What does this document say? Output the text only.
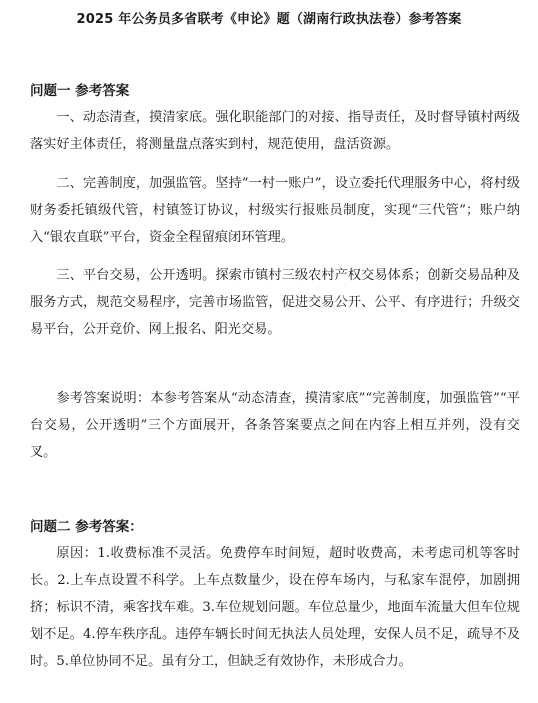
2025 年公务员多省联考《申论》题（湖南行政执法卷）参考答案
问题一 参考答案

一、动态清查，摸清家底。强化职能部门的对接、指导责任，及时督导镇村两级落实好主体责任，将测量盘点落实到村，规范使用，盘活资源。

二、完善制度，加强监管。坚持“一村一账户”，设立委托代理服务中心，将村级财务委托镇级代管，村镇签订协议，村级实行报账员制度，实现“三代管”；账户纳入“银农直联”平台，资金全程留痕闭环管理。

三、平台交易，公开透明。探索市镇村三级农村产权交易体系；创新交易品种及服务方式，规范交易程序，完善市场监管，促进交易公开、公平、有序进行；升级交易平台，公开竞价、网上报名、阳光交易。

参考答案说明：本参考答案从“动态清查，摸清家底”“完善制度，加强监管”“平台交易，公开透明”三个方面展开，各条答案要点之间在内容上相互并列，没有交叉。

问题二 参考答案：

原因：1.收费标准不灵活。免费停车时间短，超时收费高，未考虑司机等客时长。2.上车点设置不科学。上车点数量少，设在停车场内，与私家车混停，加剧拥挤；标识不清，乘客找车难。3.车位规划问题。车位总量少，地面车流量大但车位规划不足。4.停车秩序乱。违停车辆长时间无执法人员处理，安保人员不足，疏导不及时。5.单位协同不足。虽有分工，但缺乏有效协作，未形成合力。
